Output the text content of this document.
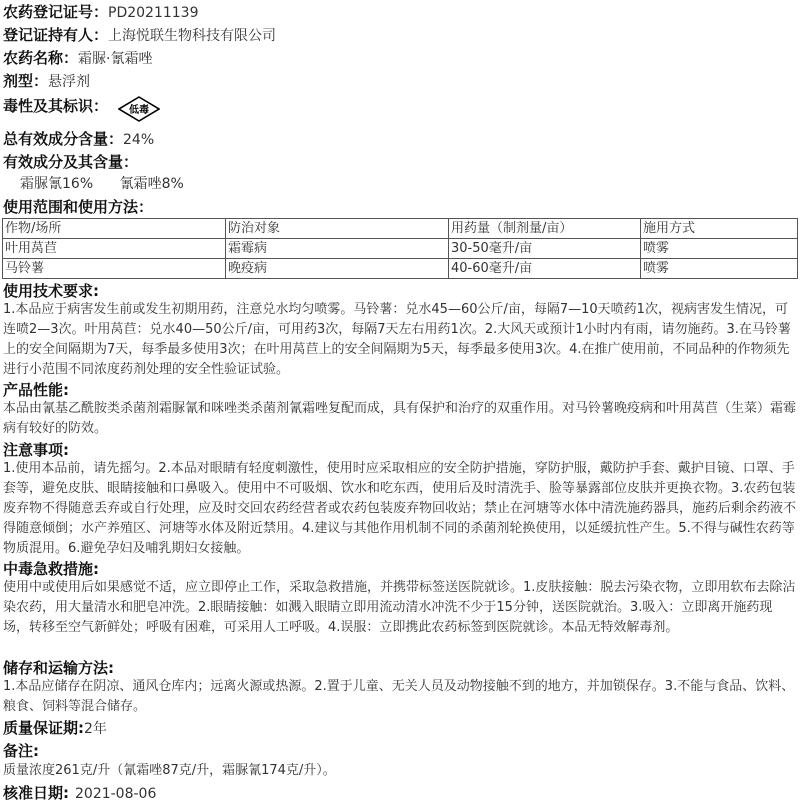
农药登记证号：PD20211139
登记证持有人：上海悦联生物科技有限公司
农药名称：霜脲·氰霜唑
剂型：悬浮剂
毒性及其标识： 低毒
总有效成分含量：24%
有效成分及其含量：
霜脲氰16% 氰霜唑8%
使用范围和使用方法：
作物/场所	防治对象	用药量（制剂量/亩）	施用方式
叶用莴苣	霜霉病	30-50毫升/亩	喷雾
马铃薯	晚疫病	40-60毫升/亩	喷雾
使用技术要求:
1.本品应于病害发生前或发生初期用药，注意兑水均匀喷雾。马铃薯：兑水45—60公斤/亩，每隔7—10天喷药1次，视病害发生情况，可连喷2—3次。叶用莴苣：兑水40—50公斤/亩，可用药3次，每隔7天左右用药1次。2.大风天或预计1小时内有雨，请勿施药。3.在马铃薯上的安全间隔期为7天，每季最多使用3次；在叶用莴苣上的安全间隔期为5天，每季最多使用3次。4.在推广使用前，不同品种的作物须先进行小范围不同浓度药剂处理的安全性验证试验。
产品性能:
本品由氰基乙酰胺类杀菌剂霜脲氰和咪唑类杀菌剂氰霜唑复配而成，具有保护和治疗的双重作用。对马铃薯晚疫病和叶用莴苣（生菜）霜霉病有较好的防效。
注意事项:
1.使用本品前，请先摇匀。2.本品对眼睛有轻度刺激性，使用时应采取相应的安全防护措施，穿防护服，戴防护手套、戴护目镜、口罩、手套等，避免皮肤、眼睛接触和口鼻吸入。使用中不可吸烟、饮水和吃东西，使用后及时清洗手、脸等暴露部位皮肤并更换衣物。3.农药包装废弃物不得随意丢弃或自行处理，应及时交回农药经营者或农药包装废弃物回收站；禁止在河塘等水体中清洗施药器具，施药后剩余药液不得随意倾倒；水产养殖区、河塘等水体及附近禁用。4.建议与其他作用机制不同的杀菌剂轮换使用，以延缓抗性产生。5.不得与碱性农药等物质混用。6.避免孕妇及哺乳期妇女接触。
中毒急救措施:
使用中或使用后如果感觉不适，应立即停止工作，采取急救措施，并携带标签送医院就诊。1.皮肤接触：脱去污染衣物，立即用软布去除沾染农药，用大量清水和肥皂冲洗。2.眼睛接触：如溅入眼睛立即用流动清水冲洗不少于15分钟，送医院就治。3.吸入：立即离开施药现场，转移至空气新鲜处；呼吸有困难，可采用人工呼吸。4.误服：立即携此农药标签到医院就诊。本品无特效解毒剂。
储存和运输方法:
1.本品应储存在阴凉、通风仓库内；远离火源或热源。2.置于儿童、无关人员及动物接触不到的地方，并加锁保存。3.不能与食品、饮料、粮食、饲料等混合储存。
质量保证期:2年
备注:
质量浓度261克/升（氰霜唑87克/升，霜脲氰174克/升）。
核准日期: 2021-08-06
